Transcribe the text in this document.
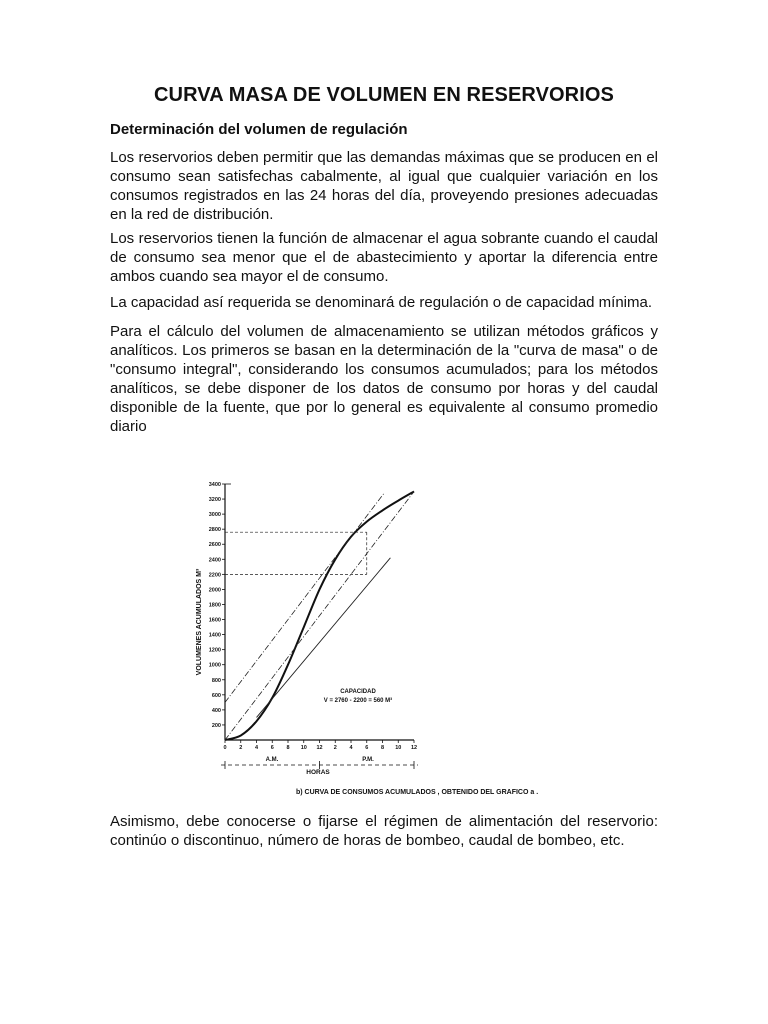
CURVA MASA DE VOLUMEN EN RESERVORIOS
Determinación del volumen de regulación

Los reservorios deben permitir que las demandas máximas que se producen en el consumo sean satisfechas cabalmente, al igual que cualquier variación en los consumos registrados en las 24 horas del día, proveyendo presiones adecuadas en la red de distribución.

Los reservorios tienen la función de almacenar el agua sobrante cuando el caudal de consumo sea menor que el de abastecimiento y aportar la diferencia entre ambos cuando sea mayor el de consumo.

La capacidad así requerida se denominará de regulación o de capacidad mínima.

Para el cálculo del volumen de almacenamiento se utilizan métodos gráficos y analíticos. Los primeros se basan en la determinación de la "curva de masa" o de "consumo integral", considerando los consumos acumulados; para los métodos analíticos, se debe disponer de los datos de consumo por horas y del caudal disponible de la fuente, que por lo general es equivalente al consumo promedio diario

200
400
600
800
1000
1200
1400
1600
1800
2000
2200
2400
2600
2800
3000
3200
3400
0 2 4 6 8 10 12 2 4 6 8 10 12
VOLUMENES ACUMULADOS M³
HORAS
A.M.	P.M.
CAPACIDAD
V = 2760 - 2200 = 560 M³
b) CURVA DE CONSUMOS ACUMULADOS , OBTENIDO DEL GRAFICO a .

Asimismo, debe conocerse o fijarse el régimen de alimentación del reservorio: continúo o discontinuo, número de horas de bombeo, caudal de bombeo, etc.
